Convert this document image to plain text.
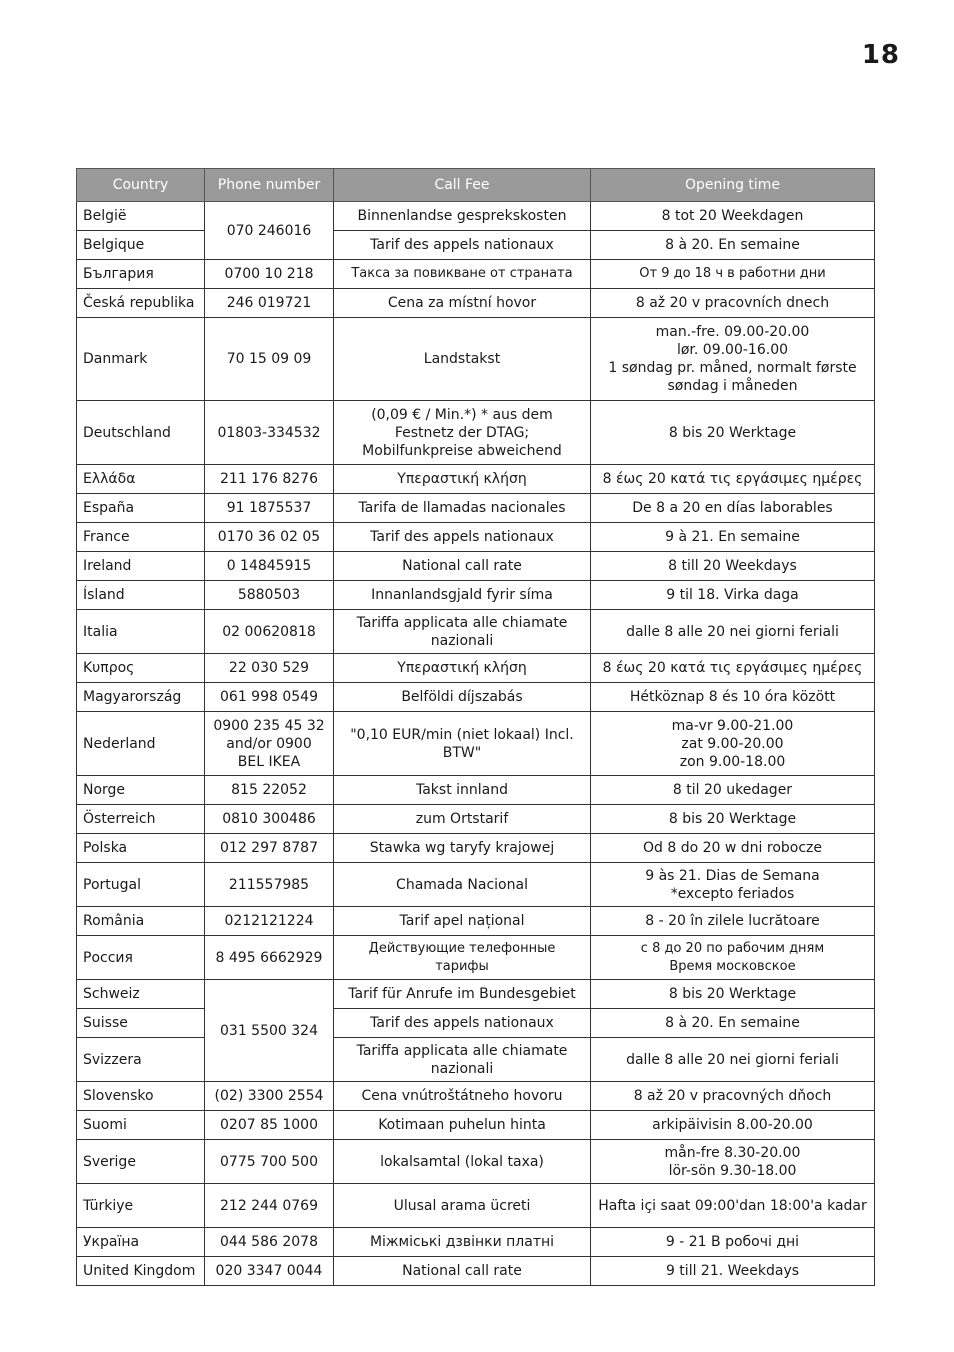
18
Country	Phone number	Call Fee	Opening time
België	070 246016	Binnenlandse gesprekskosten	8 tot 20 Weekdagen

Belgique		Tarif des appels nationaux	8 à 20. En semaine

България	0700 10 218	Такса за повикване от страната	От 9 до 18 ч в работни дни

Česká republika	246 019721	Cena za místní hovor	8 až 20 v pracovních dnech

Danmark	70 15 09 09	Landstakst	man.-fre. 09.00-20.00
lør. 09.00-16.00
1 søndag pr. måned, normalt første
søndag i måneden

Deutschland	01803-334532	(0,09 € / Min.*) * aus dem Festnetz der DTAG; Mobilfunkpreise abweichend	8 bis 20 Werktage

Ελλάδα	211 176 8276	Υπεραστική κλήση	8 έως 20 κατά τις εργάσιμες ημέρες

España	91 1875537	Tarifa de llamadas nacionales	De 8 a 20 en días laborables

France	0170 36 02 05	Tarif des appels nationaux	9 à 21. En semaine

Ireland	0 14845915	National call rate	8 till 20 Weekdays

Ísland	5880503	Innanlandsgjald fyrir síma	9 til 18. Virka daga

Italia	02 00620818	Tariffa applicata alle chiamate nazionali	dalle 8 alle 20 nei giorni feriali

Κυπρος	22 030 529	Υπεραστική κλήση	8 έως 20 κατά τις εργάσιμες ημέρες

Magyarország	061 998 0549	Belföldi díjszabás	Hétköznap 8 és 10 óra között

Nederland	0900 235 45 32 and/or 0900 BEL IKEA	"0,10 EUR/min (niet lokaal) Incl. BTW"	ma-vr 9.00-21.00
zat 9.00-20.00
zon 9.00-18.00

Norge	815 22052	Takst innland	8 til 20 ukedager

Österreich	0810 300486	zum Ortstarif	8 bis 20 Werktage

Polska	012 297 8787	Stawka wg taryfy krajowej	Od 8 do 20 w dni robocze

Portugal	211557985	Chamada Nacional	9 às 21. Dias de Semana
*excepto feriados

România	0212121224	Tarif apel național	8 - 20 în zilele lucrătoare

Россия	8 495 6662929	Действующие телефонные тарифы	с 8 до 20 по рабочим дням
Время московское

Schweiz	031 5500 324	Tarif für Anrufe im Bundesgebiet	8 bis 20 Werktage

Suisse		Tarif des appels nationaux	8 à 20. En semaine

Svizzera		Tariffa applicata alle chiamate nazionali	dalle 8 alle 20 nei giorni feriali

Slovensko	(02) 3300 2554	Cena vnútroštátneho hovoru	8 až 20 v pracovných dňoch

Suomi	0207 85 1000	Kotimaan puhelun hinta	arkipäivisin 8.00-20.00

Sverige	0775 700 500	lokalsamtal (lokal taxa)	mån-fre 8.30-20.00
lör-sön 9.30-18.00

Türkiye	212 244 0769	Ulusal arama ücreti	Hafta içi saat 09:00'dan 18:00'a kadar

Україна	044 586 2078	Міжміські дзвінки платні	9 - 21 В робочі дні

United Kingdom	020 3347 0044	National call rate	9 till 21. Weekdays
